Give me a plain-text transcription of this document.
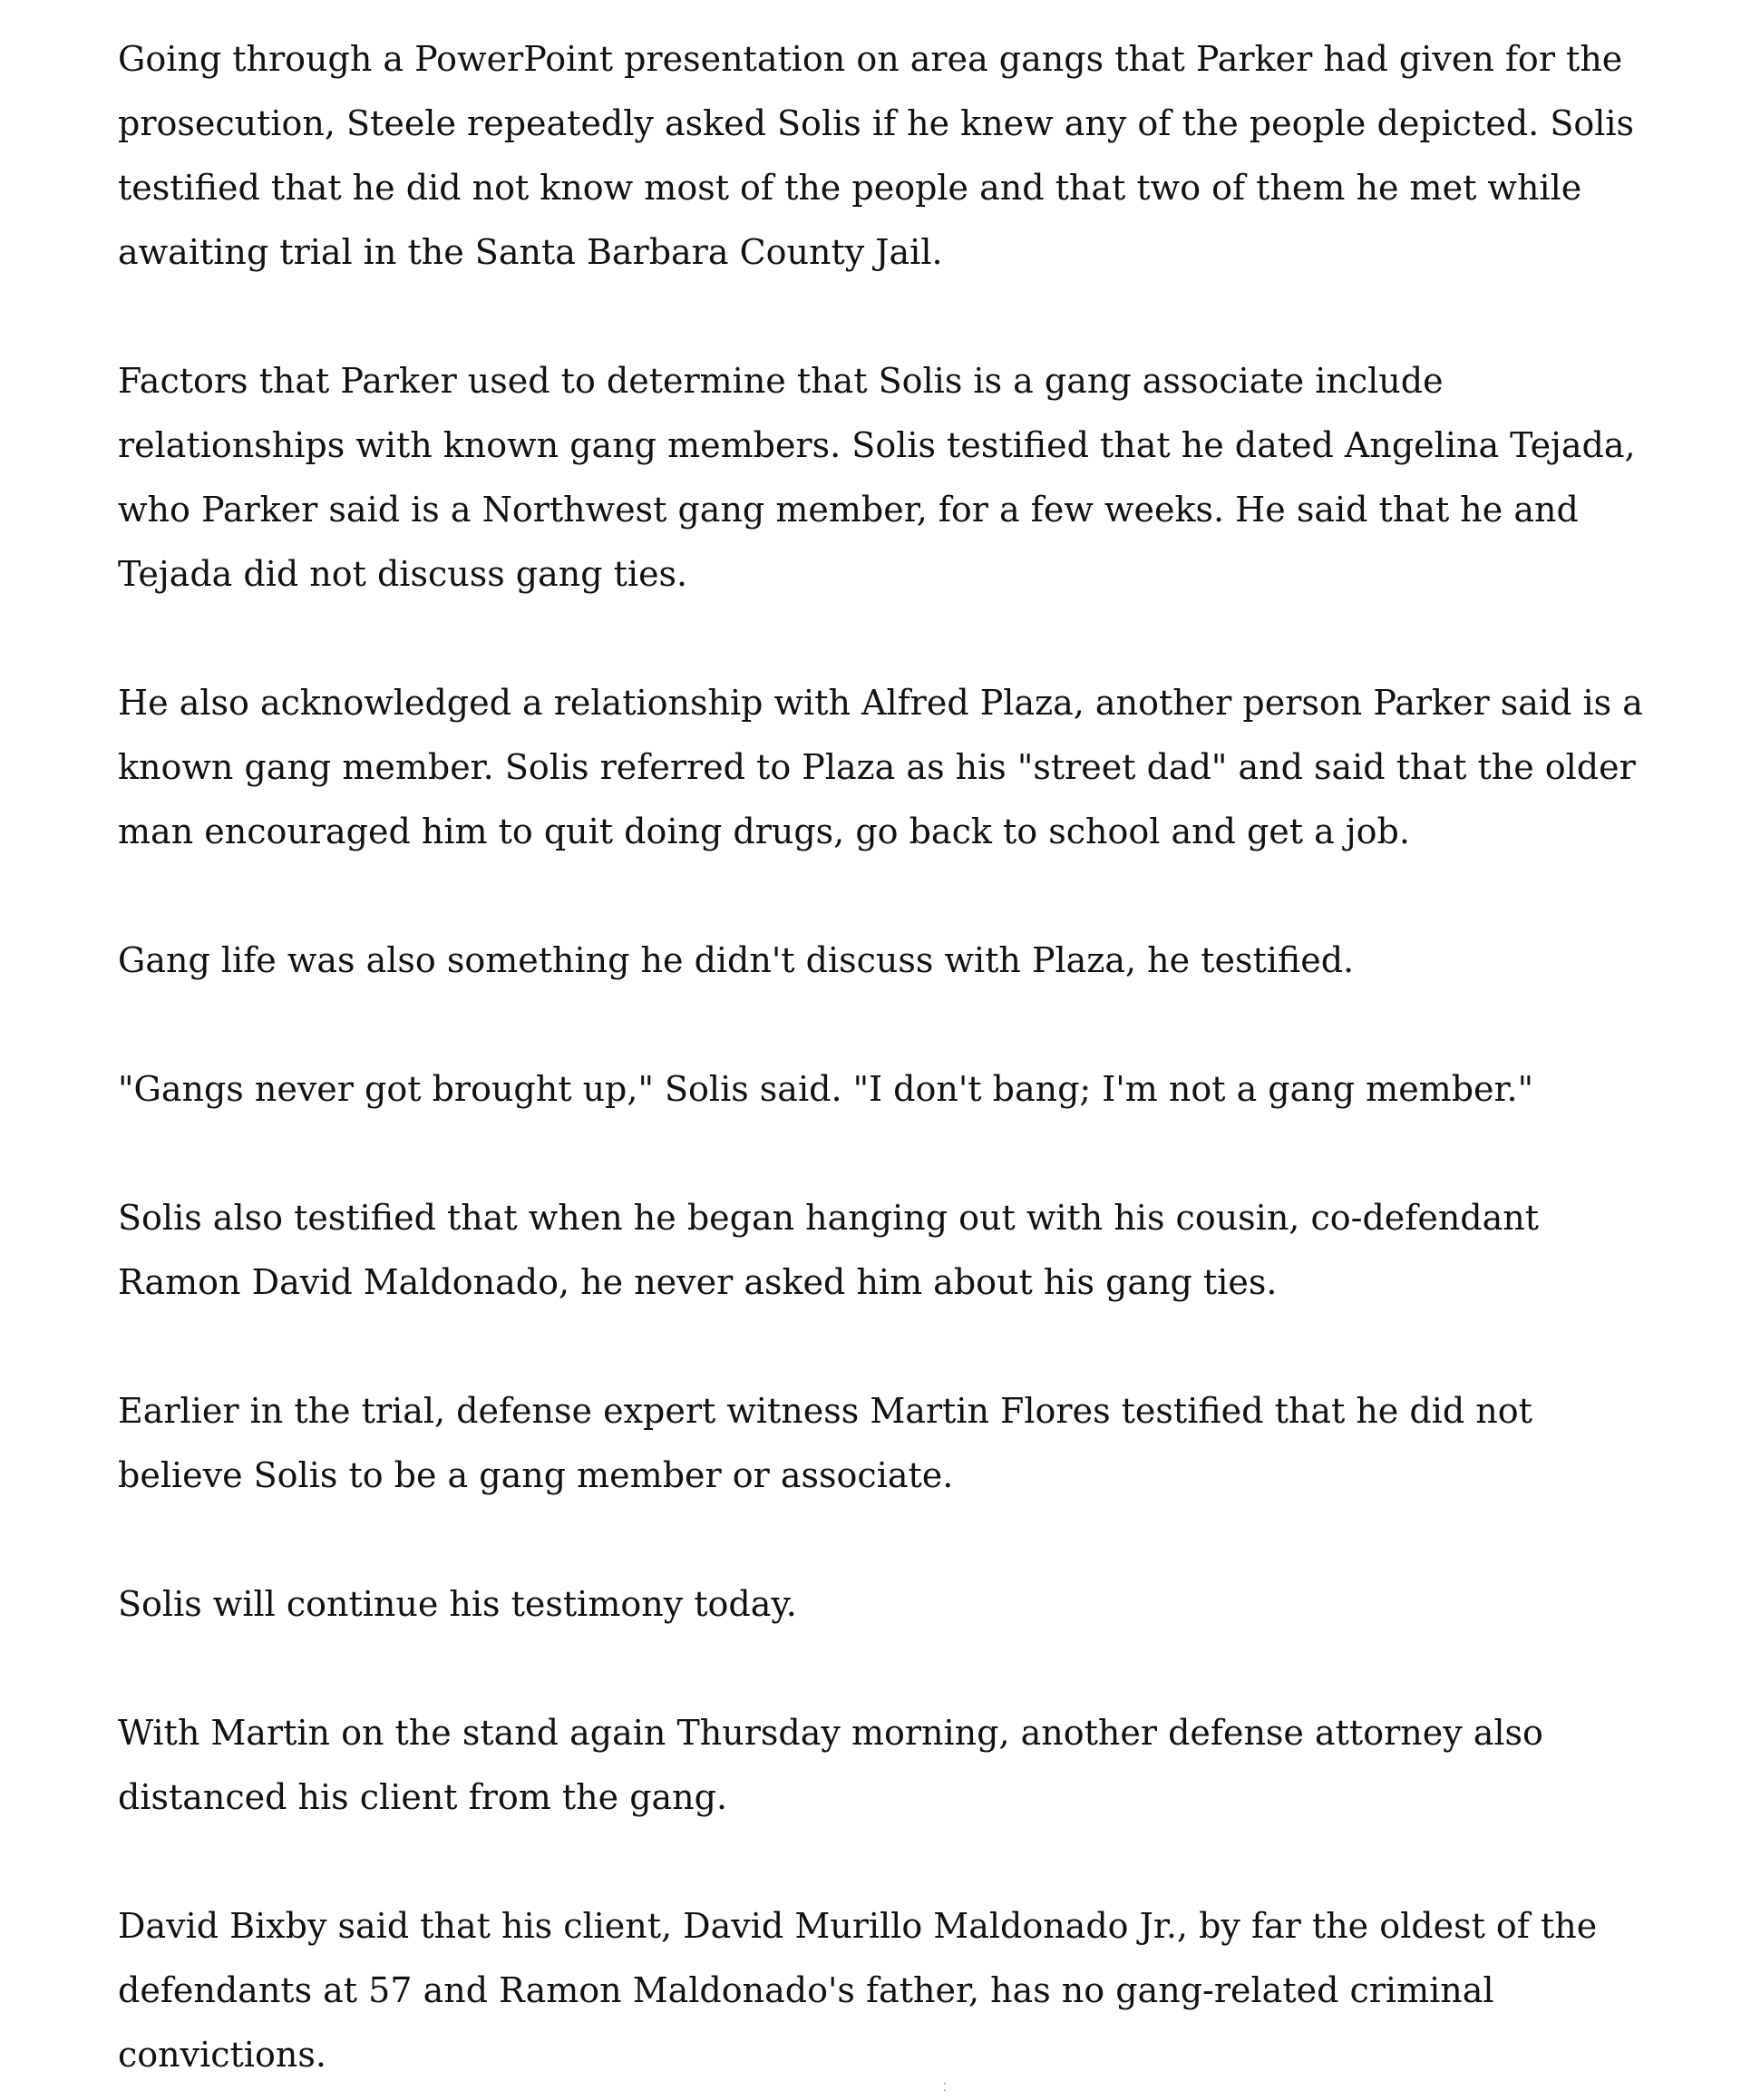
Going through a PowerPoint presentation on area gangs that Parker had given for the prosecution, Steele repeatedly asked Solis if he knew any of the people depicted. Solis testified that he did not know most of the people and that two of them he met while awaiting trial in the Santa Barbara County Jail.

Factors that Parker used to determine that Solis is a gang associate include relationships with known gang members. Solis testified that he dated Angelina Tejada, who Parker said is a Northwest gang member, for a few weeks. He said that he and Tejada did not discuss gang ties.

He also acknowledged a relationship with Alfred Plaza, another person Parker said is a known gang member. Solis referred to Plaza as his "street dad" and said that the older man encouraged him to quit doing drugs, go back to school and get a job.

Gang life was also something he didn't discuss with Plaza, he testified.

"Gangs never got brought up," Solis said. "I don't bang; I'm not a gang member."

Solis also testified that when he began hanging out with his cousin, co-defendant Ramon David Maldonado, he never asked him about his gang ties.

Earlier in the trial, defense expert witness Martin Flores testified that he did not believe Solis to be a gang member or associate.

Solis will continue his testimony today.

With Martin on the stand again Thursday morning, another defense attorney also distanced his client from the gang.

David Bixby said that his client, David Murillo Maldonado Jr., by far the oldest of the defendants at 57 and Ramon Maldonado's father, has no gang-related criminal convictions.

⁚
